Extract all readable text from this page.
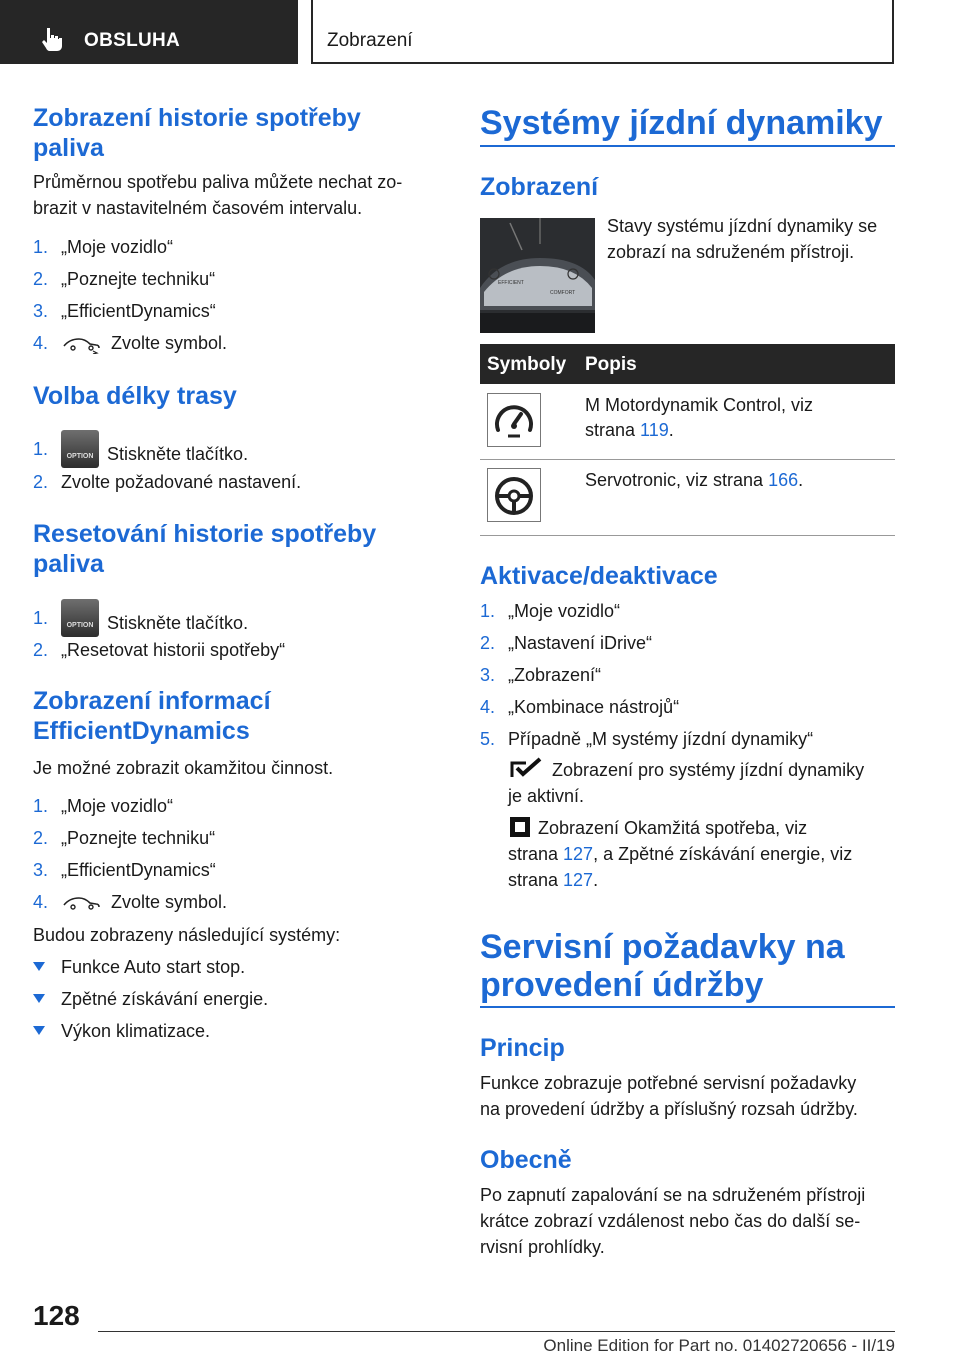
OBSLUHA	Zobrazení
Zobrazení historie spotřeby
paliva

Průměrnou spotřebu paliva můžete nechat zo‐
brazit v nastavitelném časovém intervalu.

1. „Moje vozidlo“
2. „Poznejte techniku“
3. „EfficientDynamics“
4.	Zvolte symbol.
Volba délky trasy
1. OPTION	Stiskněte tlačítko.
2. Zvolte požadované nastavení.
Resetování historie spotřeby
paliva
1. OPTION	Stiskněte tlačítko.
2. „Resetovat historii spotřeby“
Zobrazení informací
EfficientDynamics

Je možné zobrazit okamžitou činnost.

1. „Moje vozidlo“
2. „Poznejte techniku“
3. „EfficientDynamics“
4.	Zvolte symbol.

Budou zobrazeny následující systémy:

Funkce Auto start stop.
Zpětné získávání energie.
Výkon klimatizace.
Systémy jízdní dynamiky
Zobrazení
EFFICIENT
COMFORT

Stavy systému jízdní dynamiky se
zobrazí na sdruženém přístroji.

Symboly Popis
M Motordynamik Control, viz
strana 119.
Servotronic, viz strana 166.
Aktivace/deaktivace
1. „Moje vozidlo“
2. „Nastavení iDrive“
3. „Zobrazení“
4. „Kombinace nástrojů“
5. Případně „M systémy jízdní dynamiky“

Zobrazení pro systémy jízdní dynamiky
je aktivní.

Zobrazení Okamžitá spotřeba, viz
strana 127, a Zpětné získávání energie, viz
strana 127.

Servisní požadavky na
provedení údržby
Princip

Funkce zobrazuje potřebné servisní požadavky
na provedení údržby a příslušný rozsah údržby.

Obecně

Po zapnutí zapalování se na sdruženém přístroji
krátce zobrazí vzdálenost nebo čas do další se‐
rvisní prohlídky.

128
Online Edition for Part no. 01402720656 - II/19
